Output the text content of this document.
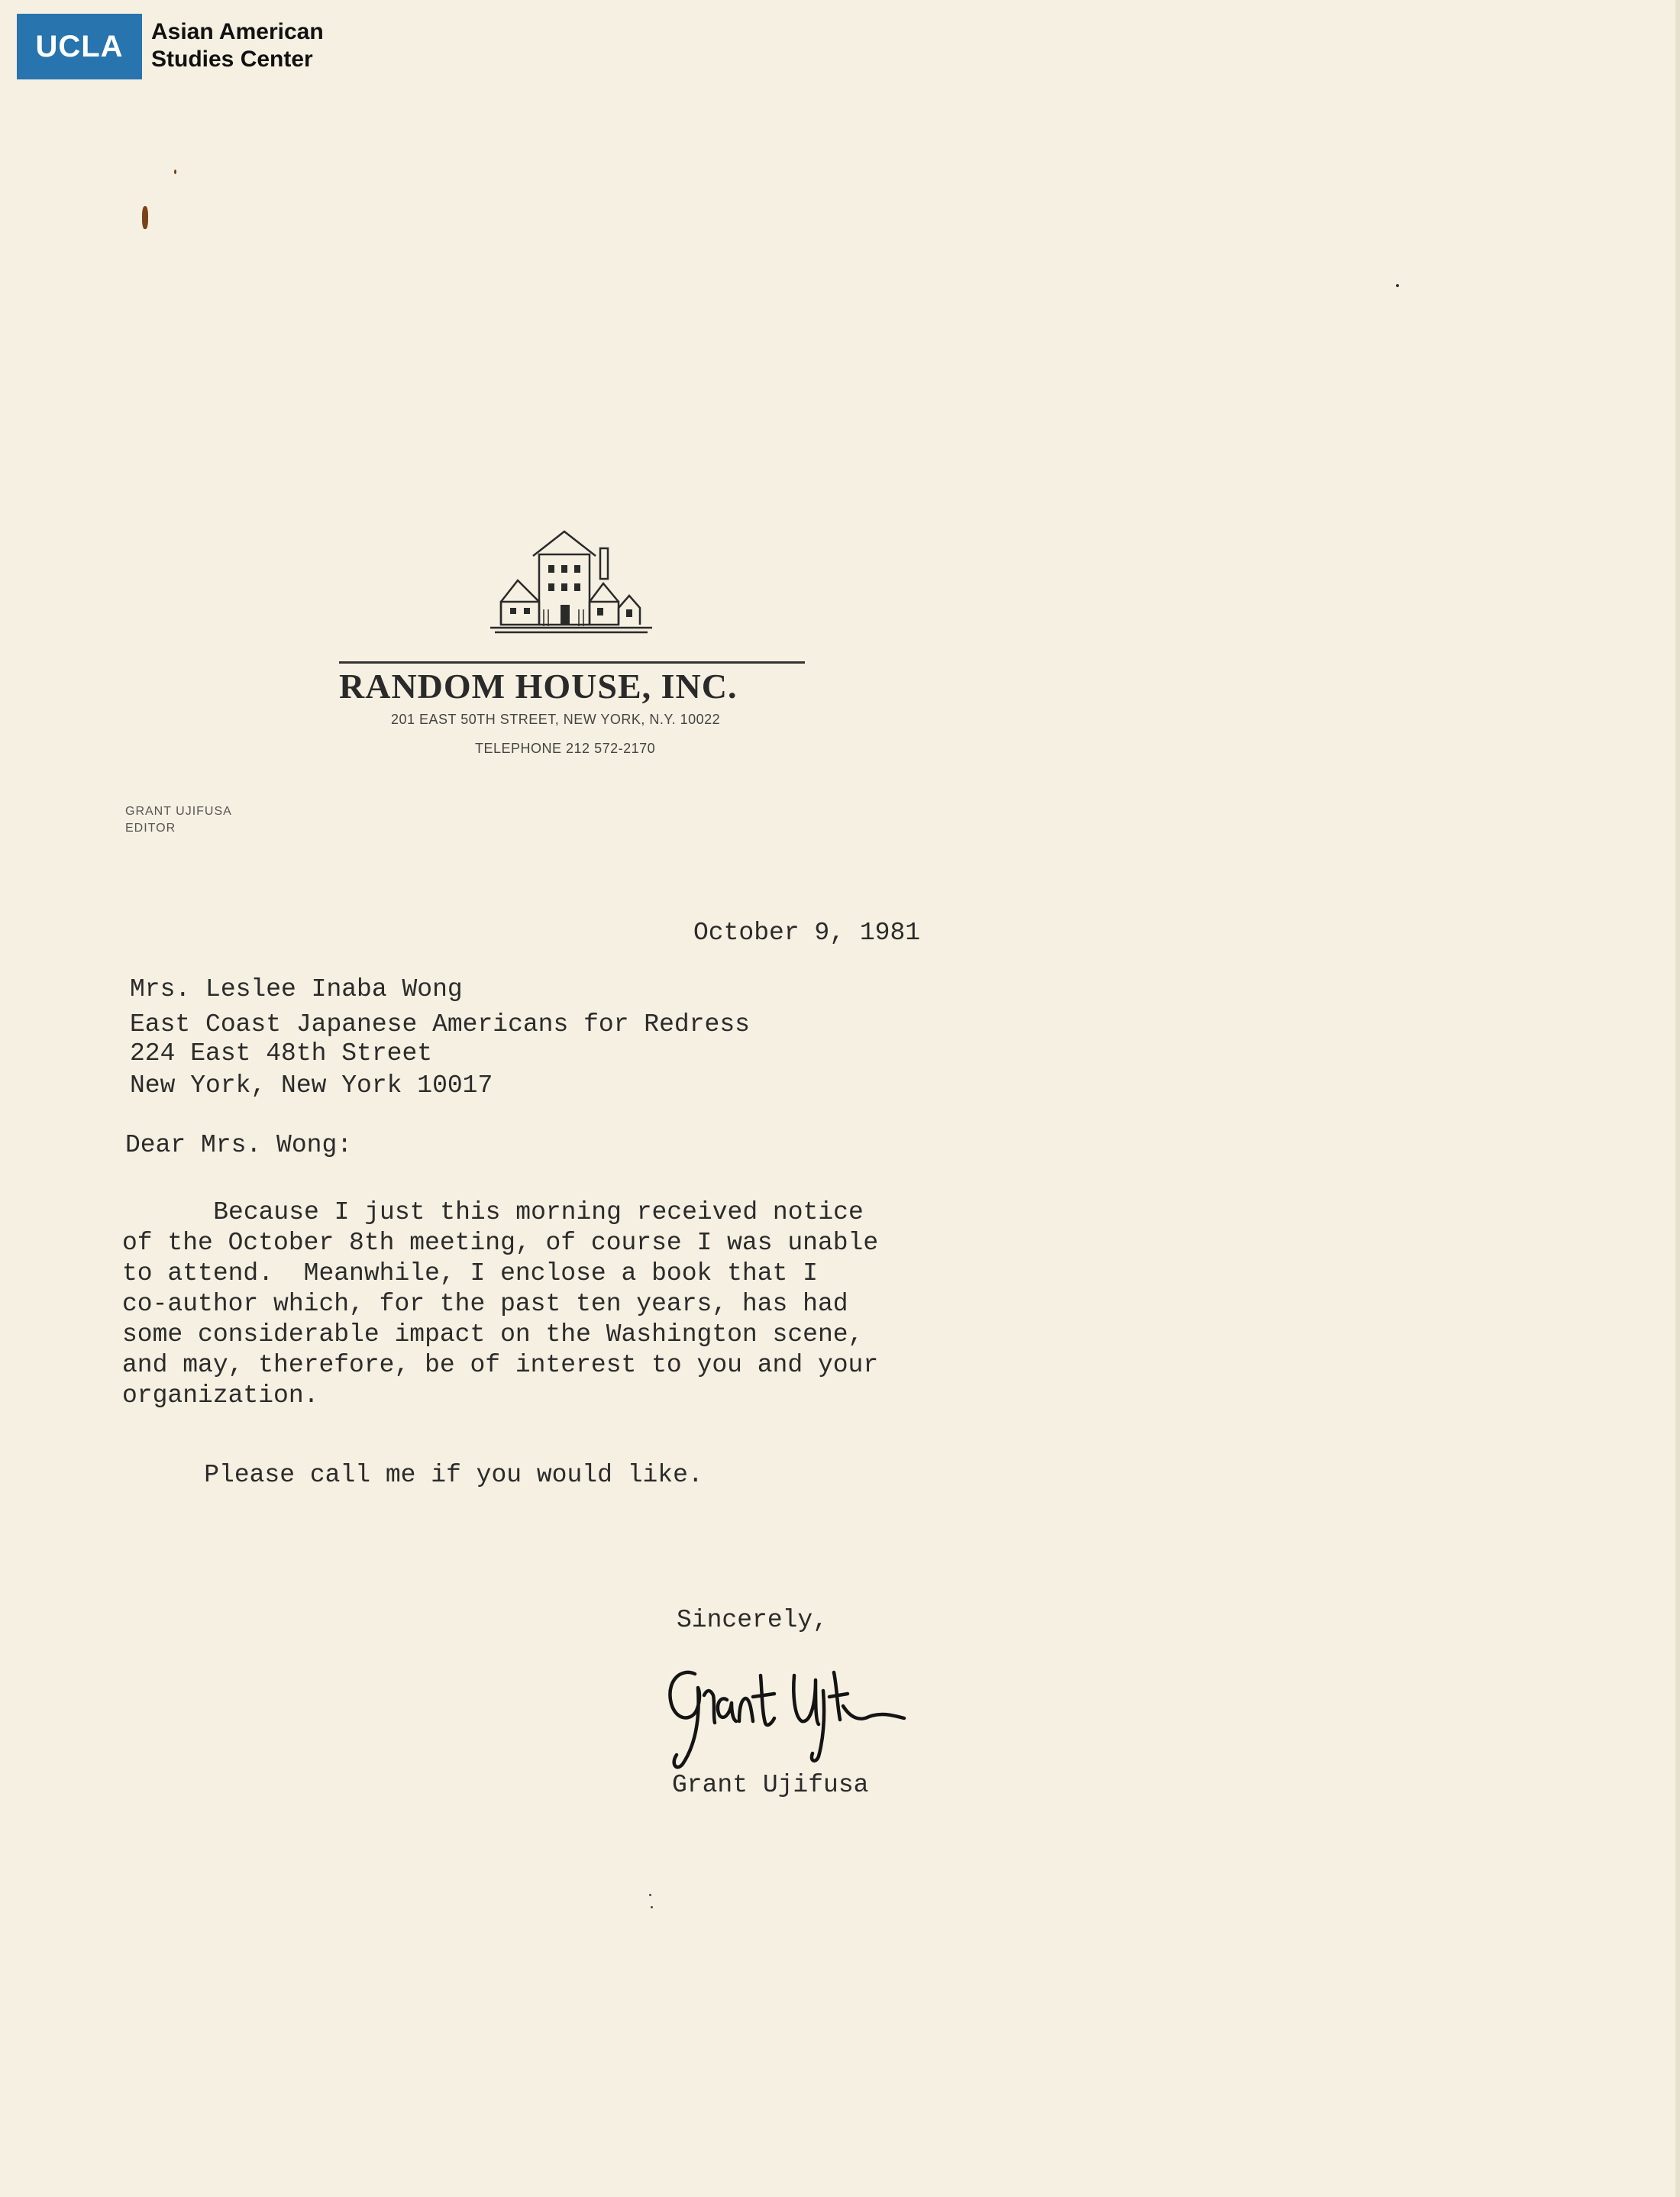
UCLA Asian American
Studies Center
RANDOM HOUSE, INC.
201 EAST 50TH STREET, NEW YORK, N.Y. 10022
TELEPHONE 212 572-2170
GRANT UJIFUSA
EDITOR
October 9, 1981
Mrs. Leslee Inaba Wong
East Coast Japanese Americans for Redress
224 East 48th Street
New York, New York 10017
Dear Mrs. Wong:
Because I just this morning received notice
of the October 8th meeting, of course I was unable
to attend.  Meanwhile, I enclose a book that I
co-author which, for the past ten years, has had
some considerable impact on the Washington scene,
and may, therefore, be of interest to you and your
organization.
Please call me if you would like.
Sincerely,
Grant Ujifusa
